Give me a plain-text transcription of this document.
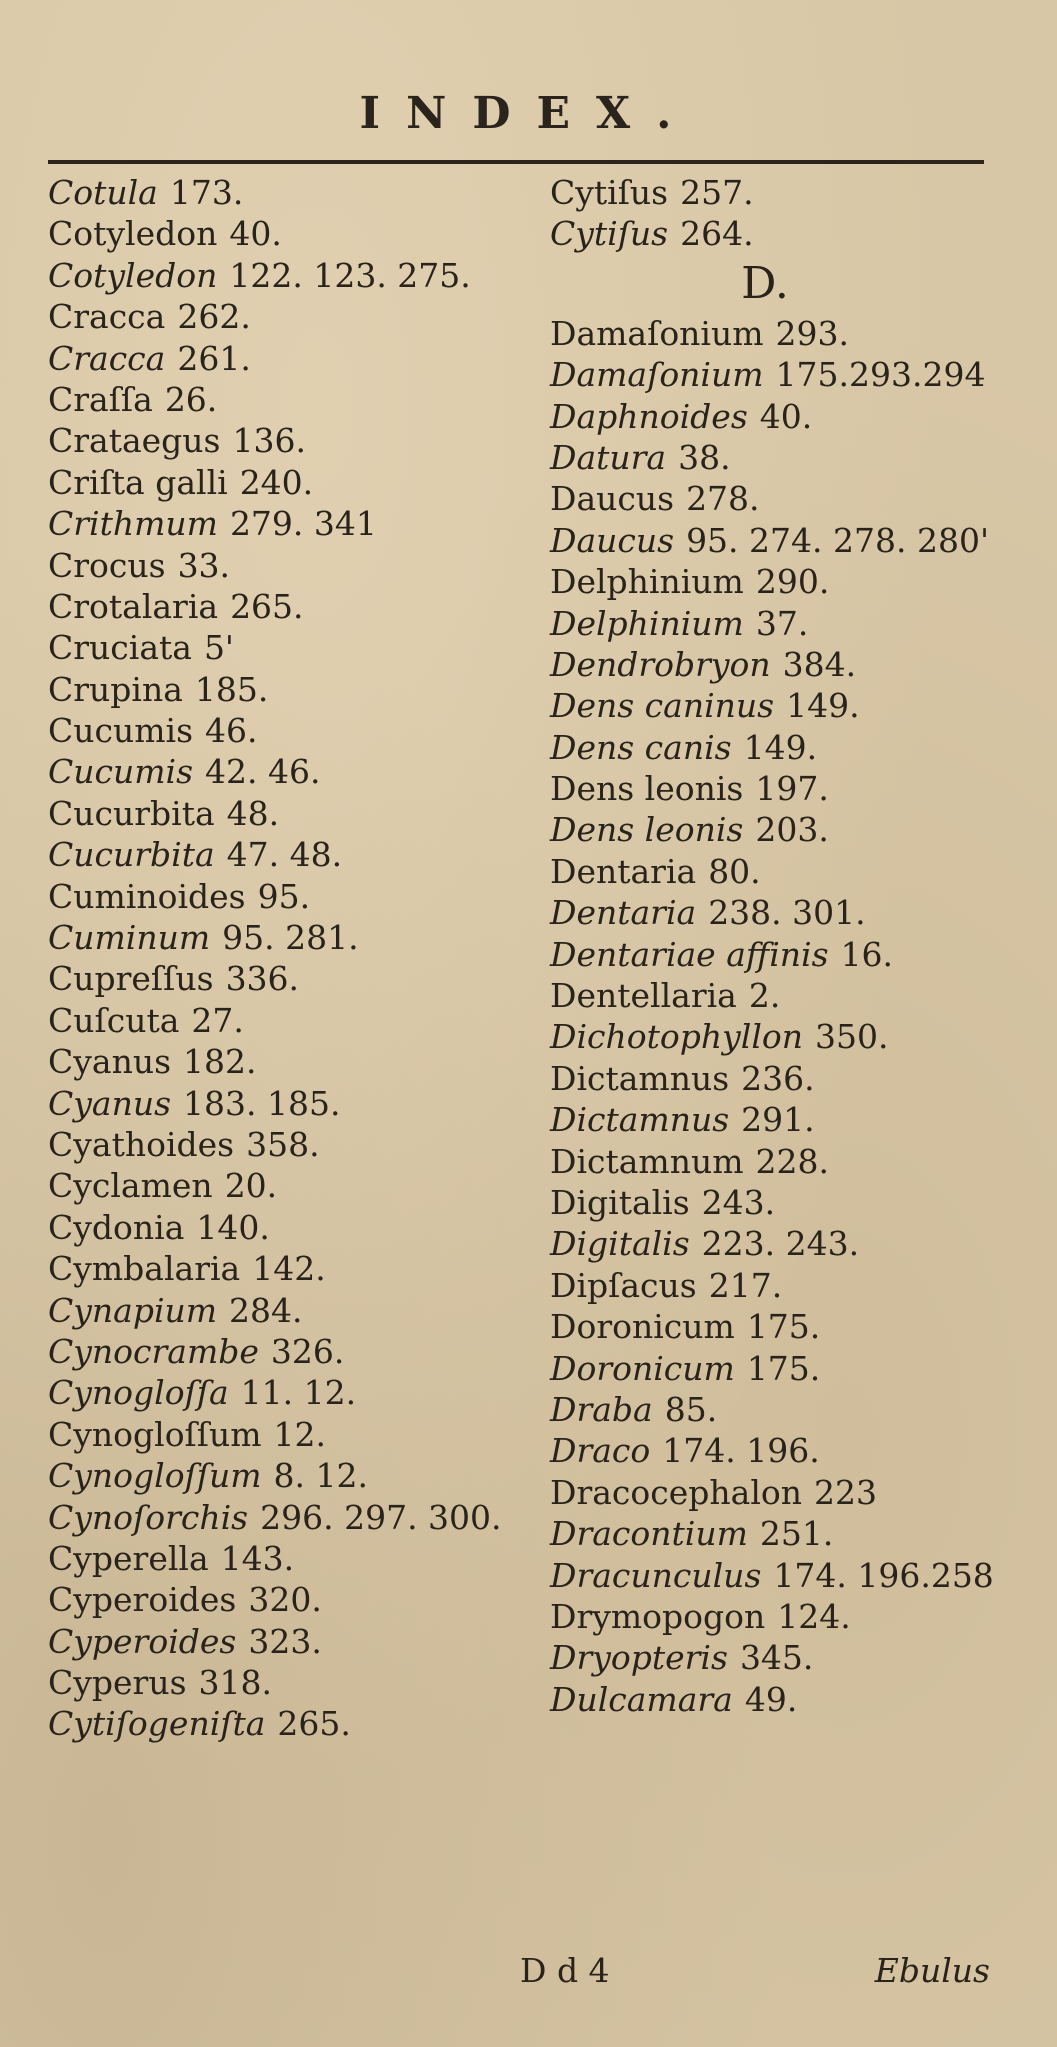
INDEX.
Cotula 173.
Cotyledon 40.
Cotyledon 122. 123. 275.
Cracca 262.
Cracca 261.
Craſſa 26.
Crataegus 136.
Criſta galli 240.
Crithmum 279. 341
Crocus 33.
Crotalaria 265.
Cruciata 5'
Crupina 185.
Cucumis 46.
Cucumis 42. 46.
Cucurbita 48.
Cucurbita 47. 48.
Cuminoides 95.
Cuminum 95. 281.
Cupreſſus 336.
Cuſcuta 27.
Cyanus 182.
Cyanus 183. 185.
Cyathoides 358.
Cyclamen 20.
Cydonia 140.
Cymbalaria 142.
Cynapium 284.
Cynocrambe 326.
Cynogloſſa 11. 12.
Cynogloſſum 12.
Cynogloſſum 8. 12.
Cynoſorchis 296. 297. 300.
Cyperella 143.
Cyperoides 320.
Cyperoides 323.
Cyperus 318.
Cytiſogeniſta 265.
Cytiſus 257.
Cytiſus 264.
D.
Damaſonium 293.
Damaſonium 175.293.294
Daphnoides 40.
Datura 38.
Daucus 278.
Daucus 95. 274. 278. 280'
Delphinium 290.
Delphinium 37.
Dendrobryon 384.
Dens caninus 149.
Dens canis 149.
Dens leonis 197.
Dens leonis 203.
Dentaria 80.
Dentaria 238. 301.
Dentariae affinis 16.
Dentellaria 2.
Dichotophyllon 350.
Dictamnus 236.
Dictamnus 291.
Dictamnum 228.
Digitalis 243.
Digitalis 223. 243.
Dipſacus 217.
Doronicum 175.
Doronicum 175.
Draba 85.
Draco 174. 196.
Dracocephalon 223
Dracontium 251.
Dracunculus 174. 196.258
Drymopogon 124.
Dryopteris 345.
Dulcamara 49.
D d 4	Ebulus
